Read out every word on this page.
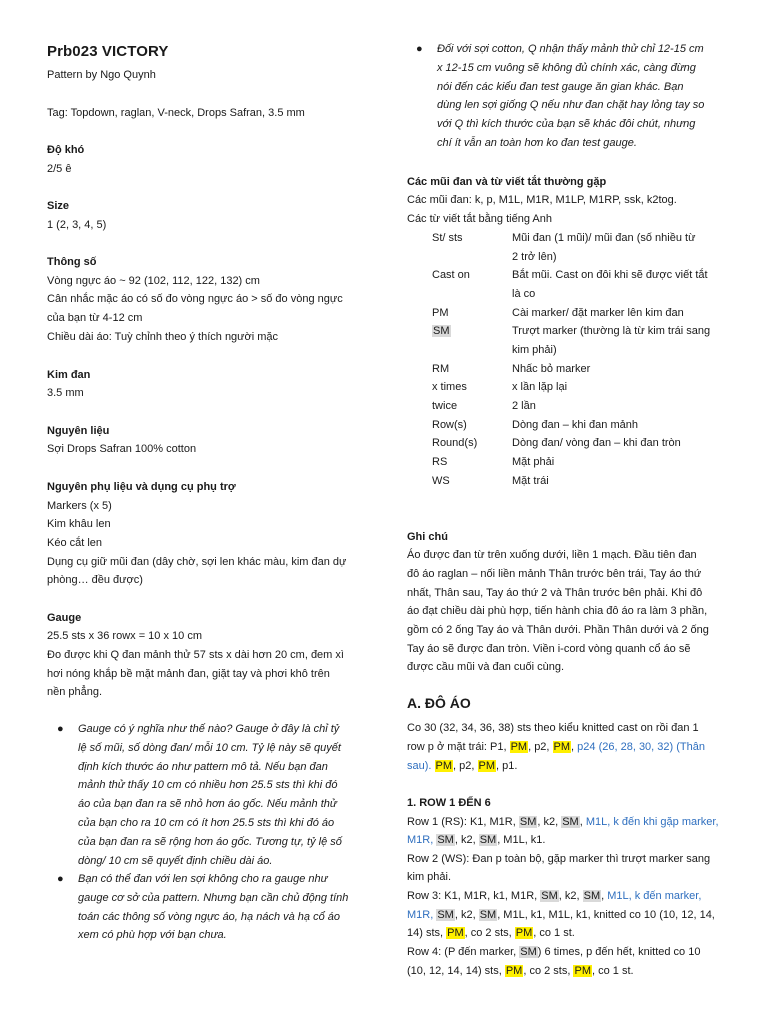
Prb023 VICTORY
Pattern by Ngo Quynh
Tag: Topdown, raglan, V-neck, Drops Safran, 3.5 mm
Độ khó
2/5 ê
Size
1 (2, 3, 4, 5)
Thông số
Vòng ngực áo ~ 92 (102, 112, 122, 132) cm
Cân nhắc mặc áo có số đo vòng ngực áo > số đo vòng ngực
của bạn từ 4-12 cm
Chiều dài áo: Tuỳ chỉnh theo ý thích người mặc
Kim đan
3.5 mm
Nguyên liệu
Sợi Drops Safran 100% cotton
Nguyên phụ liệu và dụng cụ phụ trợ
Markers (x 5)
Kim khâu len
Kéo cắt len
Dụng cụ giữ mũi đan (dây chờ, sợi len khác màu, kim đan dự
phòng… đều được)
Gauge
25.5 sts x 36 rowx = 10 x 10 cm
Đo được khi Q đan mảnh thử 57 sts x dài hơn 20 cm, đem xì
hơi nóng khắp bề mặt mảnh đan, giặt tay và phơi khô trên
nền phẳng.
● Gauge có ý nghĩa như thế nào? Gauge ở đây là chỉ tỷ
lệ số mũi, số dòng đan/ mỗi 10 cm. Tỷ lệ này sẽ quyết
định kích thước áo như pattern mô tả. Nếu bạn đan
mảnh thử thấy 10 cm có nhiều hơn 25.5 sts thì khi đó
áo của bạn đan ra sẽ nhỏ hơn áo gốc. Nếu mảnh thử
của bạn cho ra 10 cm có ít hơn 25.5 sts thì khi đó áo
của bạn đan ra sẽ rộng hơn áo gốc. Tương tự, tỷ lệ số
dòng/ 10 cm sẽ quyết định chiều dài áo.
● Bạn có thể đan với len sợi không cho ra gauge như
gauge cơ sở của pattern. Nhưng bạn cần chủ động tính
toán các thông số vòng ngực áo, hạ nách và hạ cổ áo
xem có phù hợp với bạn chưa.
● Đối với sợi cotton, Q nhận thấy mảnh thử chỉ 12-15 cm
x 12-15 cm vuông sẽ không đủ chính xác, càng đừng
nói đến các kiểu đan test gauge ăn gian khác. Bạn
dùng len sợi giống Q nếu như đan chặt hay lỏng tay so
với Q thì kích thước của bạn sẽ khác đôi chút, nhưng
chí ít vẫn an toàn hơn ko đan test gauge.
Các mũi đan và từ viết tắt thường gặp
Các mũi đan: k, p, M1L, M1R, M1LP, M1RP, ssk, k2tog.
Các từ viết tắt bằng tiếng Anh
St/ sts	Mũi đan (1 mũi)/ mũi đan (số nhiều từ
2 trở lên)
Cast on	Bắt mũi. Cast on đôi khi sẽ được viết tắt
là co
PM	Cài marker/ đặt marker lên kim đan
SM	Trượt marker (thường là từ kim trái sang
kim phải)
RM	Nhấc bỏ marker
x times	x lần lặp lại
twice	2 lần
Row(s)	Dòng đan – khi đan mảnh
Round(s)	Dòng đan/ vòng đan – khi đan tròn
RS	Mặt phải
WS	Mặt trái
Ghi chú
Áo được đan từ trên xuống dưới, liền 1 mạch. Đầu tiên đan
đô áo raglan – nối liền mảnh Thân trước bên trái, Tay áo thứ
nhất, Thân sau, Tay áo thứ 2 và Thân trước bên phải. Khi đô
áo đạt chiều dài phù hợp, tiến hành chia đô áo ra làm 3 phần,
gồm có 2 ống Tay áo và Thân dưới. Phần Thân dưới và 2 ống
Tay áo sẽ được đan tròn. Viền i-cord vòng quanh cổ áo sẽ
được cầu mũi và đan cuối cùng.
A. ĐÔ ÁO
Co 30 (32, 34, 36, 38) sts theo kiểu knitted cast on rồi đan 1
row p ở mặt trái: P1, PM, p2, PM, p24 (26, 28, 30, 32) (Thân
sau). PM, p2, PM, p1.
1. ROW 1 ĐẾN 6
Row 1 (RS): K1, M1R, SM, k2, SM, M1L, k đến khi gặp marker,
M1R, SM, k2, SM, M1L, k1.
Row 2 (WS): Đan p toàn bộ, gặp marker thì trượt marker sang
kim phải.
Row 3: K1, M1R, k1, M1R, SM, k2, SM, M1L, k đến marker,
M1R, SM, k2, SM, M1L, k1, M1L, k1, knitted co 10 (10, 12, 14,
14) sts, PM, co 2 sts, PM, co 1 st.
Row 4: (P đến marker, SM) 6 times, p đến hết, knitted co 10
(10, 12, 14, 14) sts, PM, co 2 sts, PM, co 1 st.
